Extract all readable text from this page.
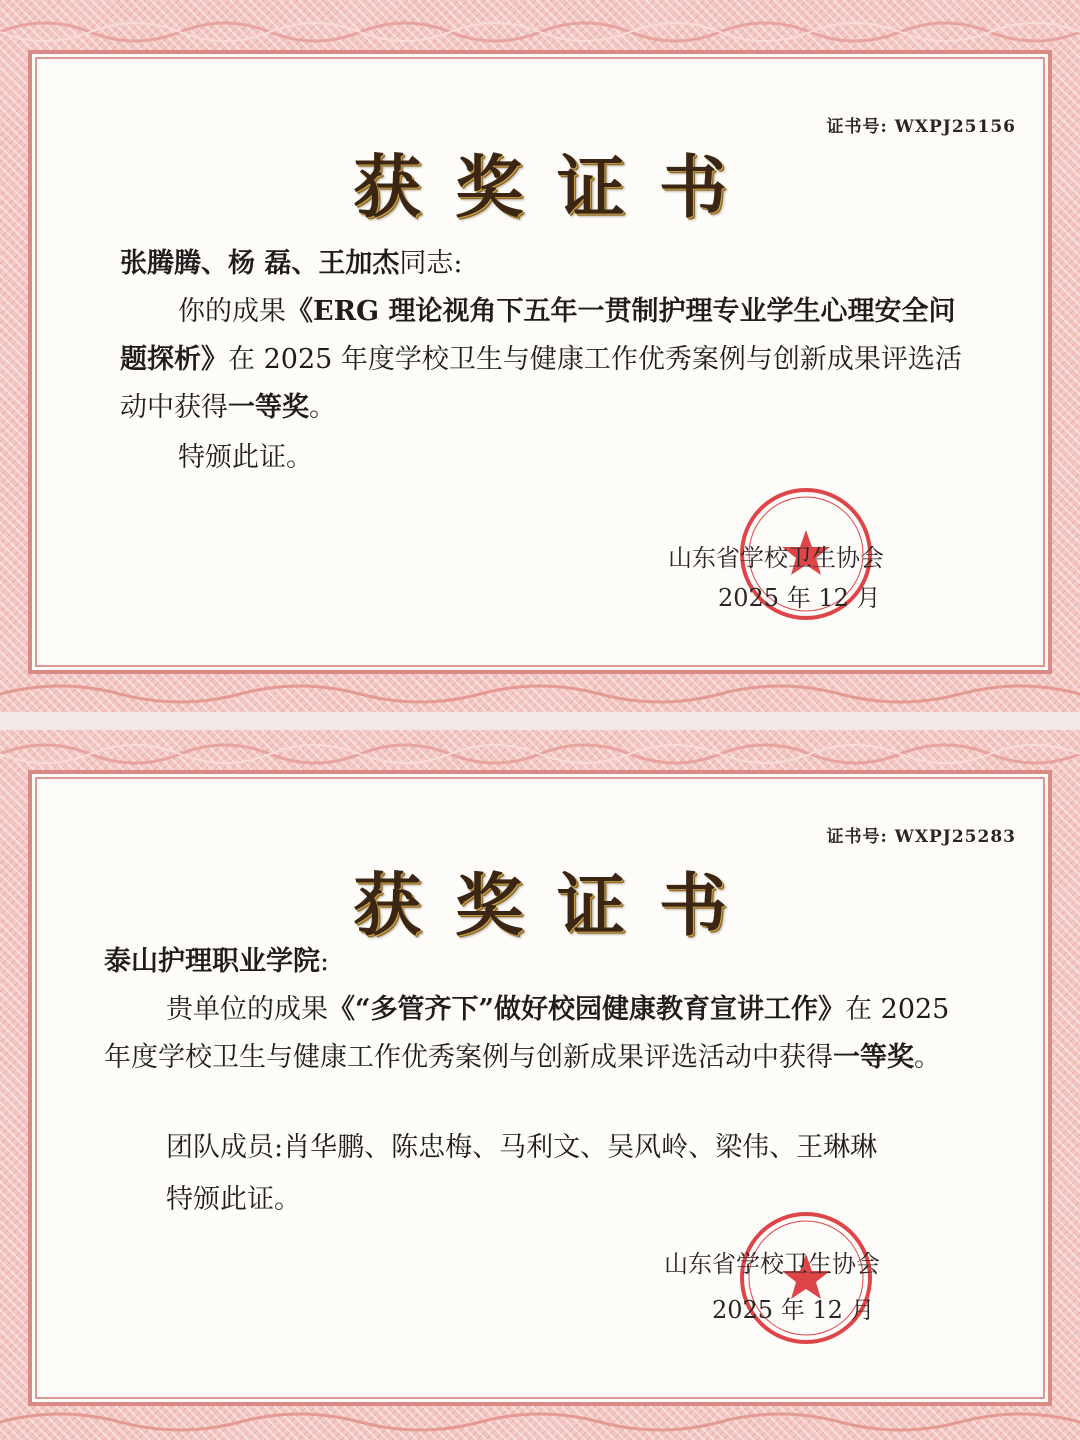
证书号: WXPJ25156
获奖证书
张腾腾、杨 磊、王加杰同志:
你的成果《ERG 理论视角下五年一贯制护理专业学生心理安全问题探析》在 2025 年度学校卫生与健康工作优秀案例与创新成果评选活动中获得一等奖。
特颁此证。
山东省学校卫生协会
2025 年 12 月
证书号: WXPJ25283
获奖证书
泰山护理职业学院:
贵单位的成果《“多管齐下”做好校园健康教育宣讲工作》在 2025 年度学校卫生与健康工作优秀案例与创新成果评选活动中获得一等奖。
团队成员:肖华鹏、陈忠梅、马利文、吴风岭、梁伟、王琳琳
特颁此证。
山东省学校卫生协会
2025 年 12 月
